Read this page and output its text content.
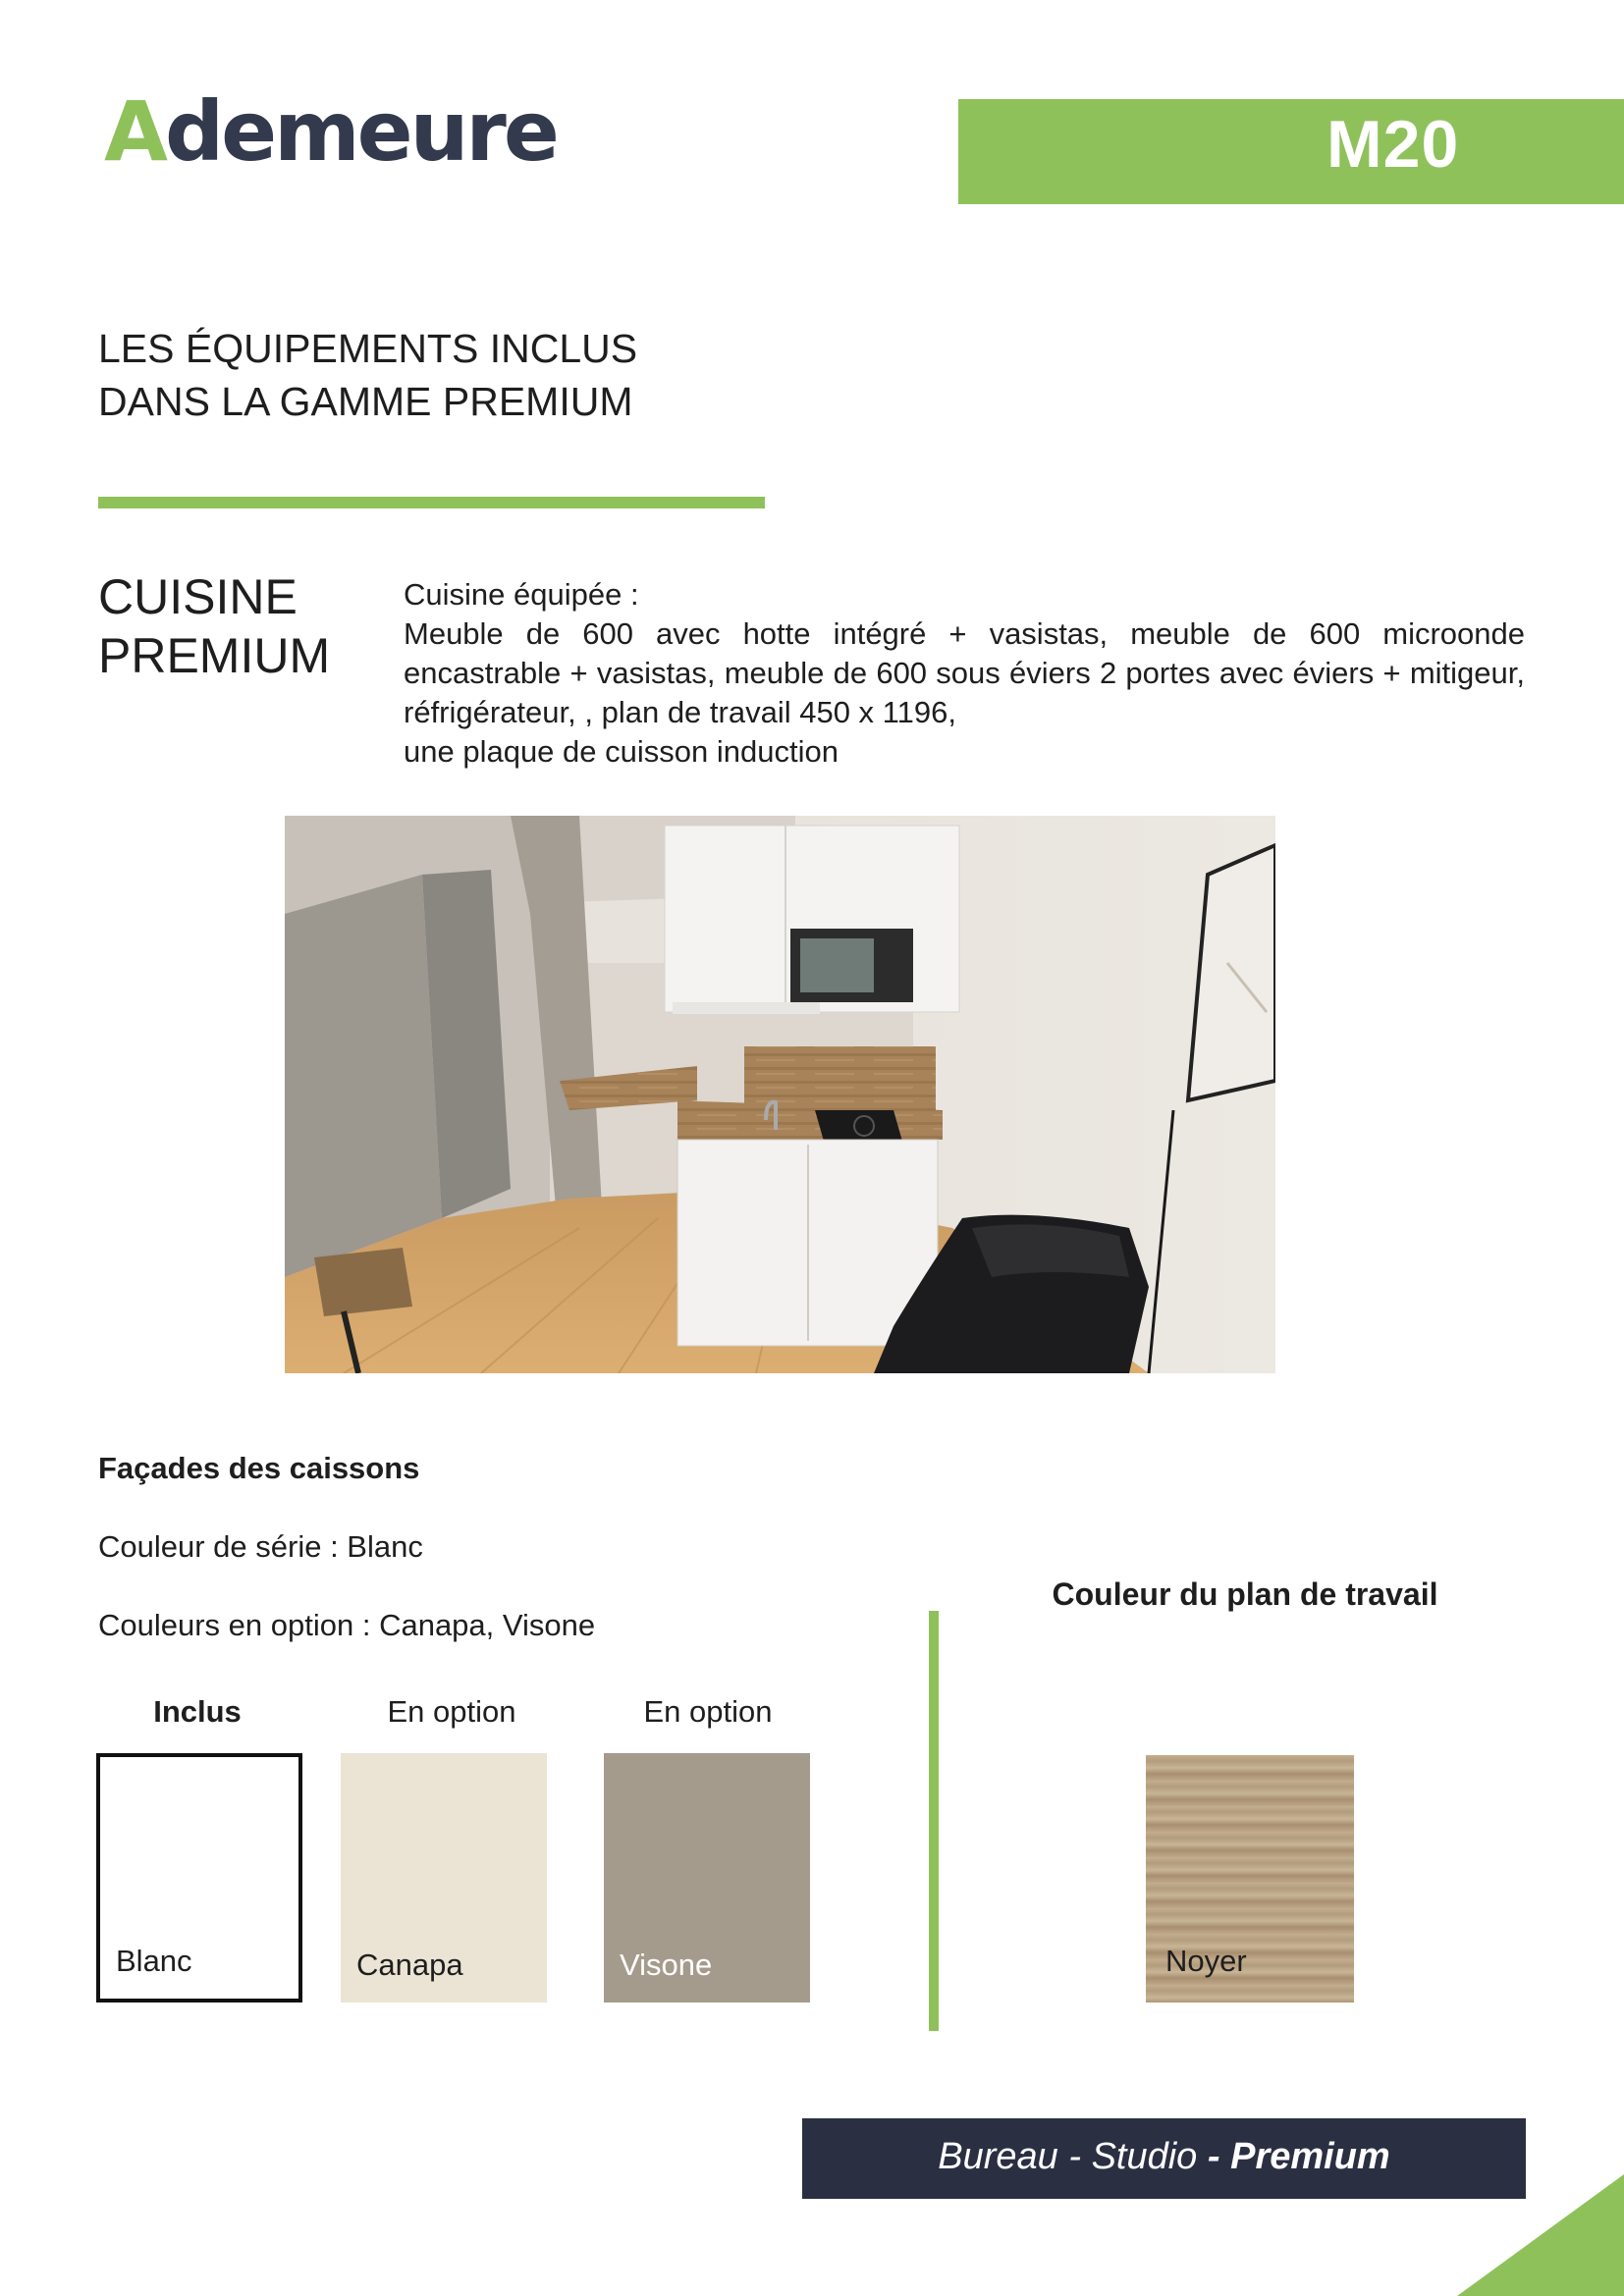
Ademeure	M20
LES ÉQUIPEMENTS INCLUS
DANS LA GAMME PREMIUM
CUISINE
PREMIUM

Cuisine équipée :

Meuble de 600 avec hotte intégré + vasistas, meuble de 600 microonde encastrable + vasistas, meuble de 600 sous éviers 2 portes avec éviers + mitigeur, réfrigérateur, , plan de travail 450 x 1196,

une plaque de cuisson induction

Façades des caissons
Couleur de série : Blanc
Couleurs en option : Canapa, Visone
Inclus	En option	En option
Blanc	Canapa	Visone
Couleur du plan de travail
Noyer
Bureau - Studio - Premium
